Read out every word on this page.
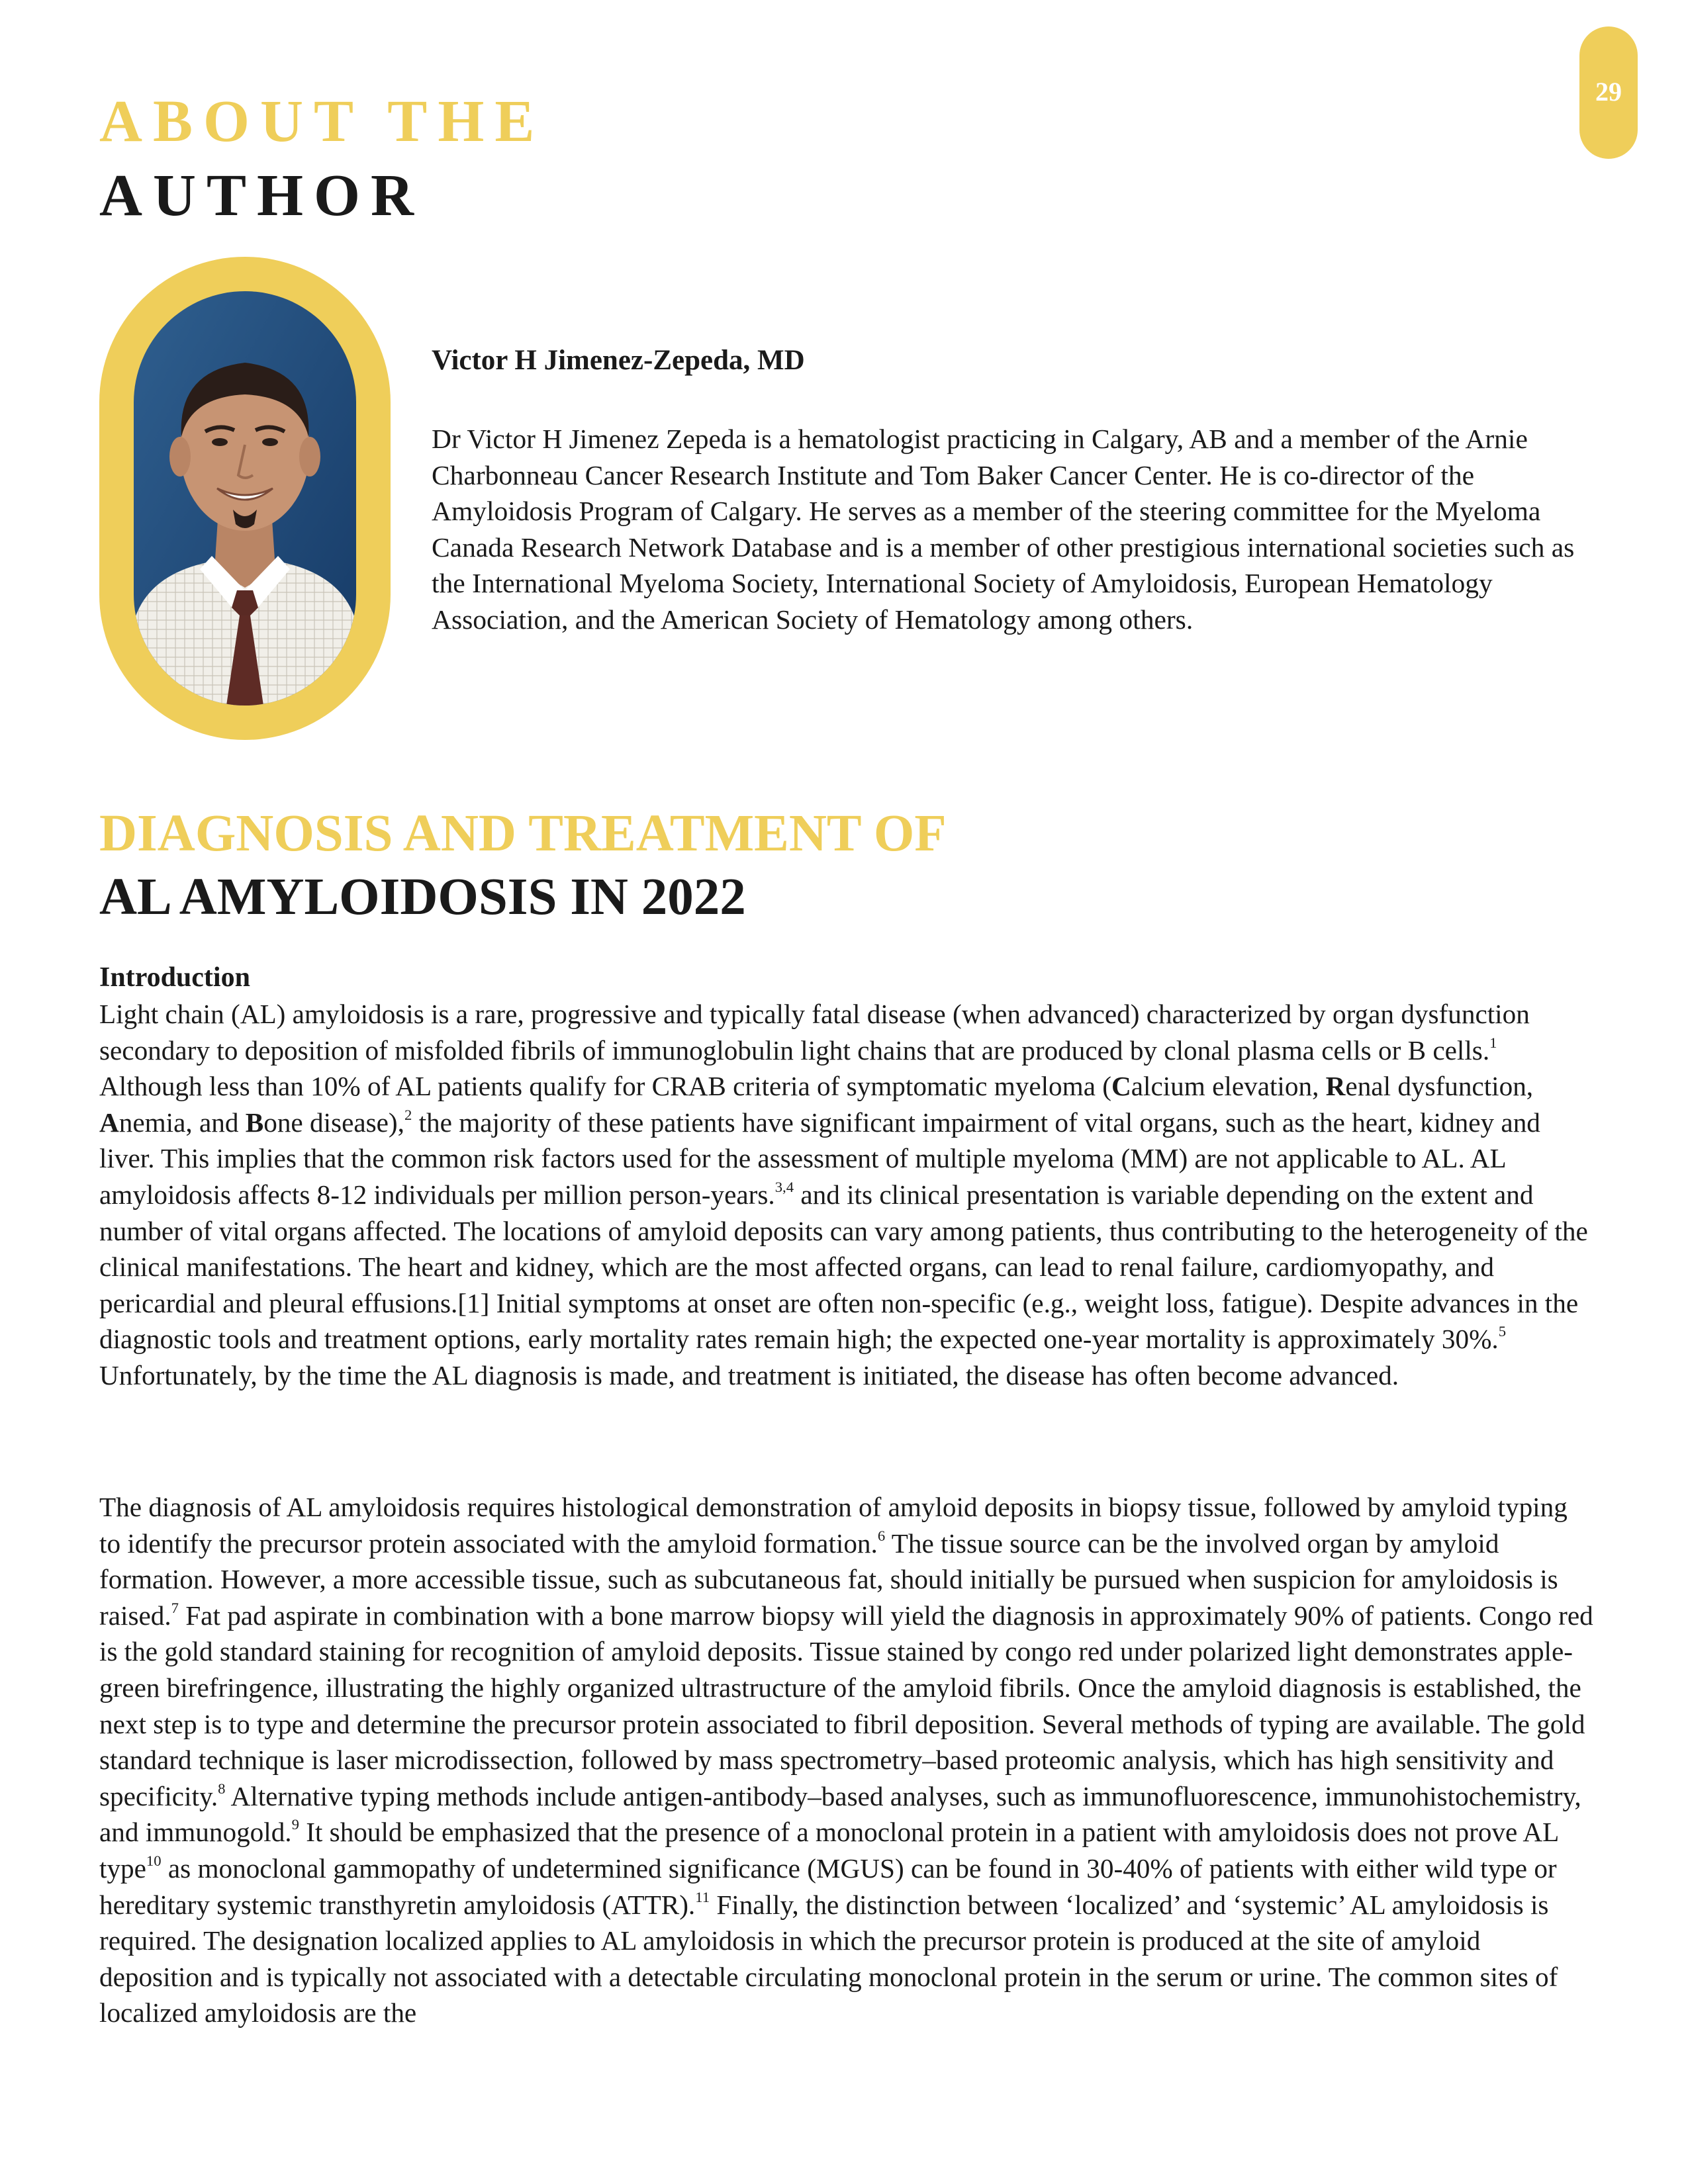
29
ABOUT THE
AUTHOR
Victor H Jimenez-Zepeda, MD

Dr Victor H Jimenez Zepeda is a hematologist practicing in Calgary, AB and a member of the Arnie Charbonneau Cancer Research Institute and Tom Baker Cancer Center. He is co-director of the Amyloidosis Program of Calgary. He serves as a member of the steering committee for the Myeloma Canada Research Network Database and is a member of other prestigious international societies such as the International Myeloma Society, International Society of Amyloidosis, European Hematology Association, and the American Society of Hematology among others.

DIAGNOSIS AND TREATMENT OF
AL AMYLOIDOSIS IN 2022
Introduction

Light chain (AL) amyloidosis is a rare, progressive and typically fatal disease (when advanced) characterized by organ dysfunction secondary to deposition of misfolded fibrils of immunoglobulin light chains that are produced by clonal plasma cells or B cells.$^1$ Although less than 10% of AL patients qualify for CRAB criteria of symptomatic myeloma (Calcium elevation, Renal dysfunction, Anemia, and Bone disease),$^2$ the majority of these patients have significant impairment of vital organs, such as the heart, kidney and liver. This implies that the common risk factors used for the assessment of multiple myeloma (MM) are not applicable to AL. AL amyloidosis affects 8-12 individuals per million person-years.$^{3,4}$ and its clinical presentation is variable depending on the extent and number of vital organs affected. The locations of amyloid deposits can vary among patients, thus contributing to the heterogeneity of the clinical manifestations. The heart and kidney, which are the most affected organs, can lead to renal failure, cardiomyopathy, and pericardial and pleural effusions.[1] Initial symptoms at onset are often non-specific (e.g., weight loss, fatigue). Despite advances in the diagnostic tools and treatment options, early mortality rates remain high; the expected one-year mortality is approximately 30%.$^5$ Unfortunately, by the time the AL diagnosis is made, and treatment is initiated, the disease has often become advanced.

The diagnosis of AL amyloidosis requires histological demonstration of amyloid deposits in biopsy tissue, followed by amyloid typing to identify the precursor protein associated with the amyloid formation.$^6$ The tissue source can be the involved organ by amyloid formation. However, a more accessible tissue, such as subcutaneous fat, should initially be pursued when suspicion for amyloidosis is raised.$^7$ Fat pad aspirate in combination with a bone marrow biopsy will yield the diagnosis in approximately 90% of patients. Congo red is the gold standard staining for recognition of amyloid deposits. Tissue stained by congo red under polarized light demonstrates apple-green birefringence, illustrating the highly organized ultrastructure of the amyloid fibrils. Once the amyloid diagnosis is established, the next step is to type and determine the precursor protein associated to fibril deposition. Several methods of typing are available. The gold standard technique is laser microdissection, followed by mass spectrometry–based proteomic analysis, which has high sensitivity and specificity.$^8$ Alternative typing methods include antigen-antibody–based analyses, such as immunofluorescence, immunohistochemistry, and immunogold.$^9$ It should be emphasized that the presence of a monoclonal protein in a patient with amyloidosis does not prove AL type$^{10}$ as monoclonal gammopathy of undetermined significance (MGUS) can be found in 30-40% of patients with either wild type or hereditary systemic transthyretin amyloidosis (ATTR).$^{11}$ Finally, the distinction between ‘localized’ and ‘systemic’ AL amyloidosis is required. The designation localized applies to AL amyloidosis in which the precursor protein is produced at the site of amyloid deposition and is typically not associated with a detectable circulating monoclonal protein in the serum or urine. The common sites of localized amyloidosis are the
